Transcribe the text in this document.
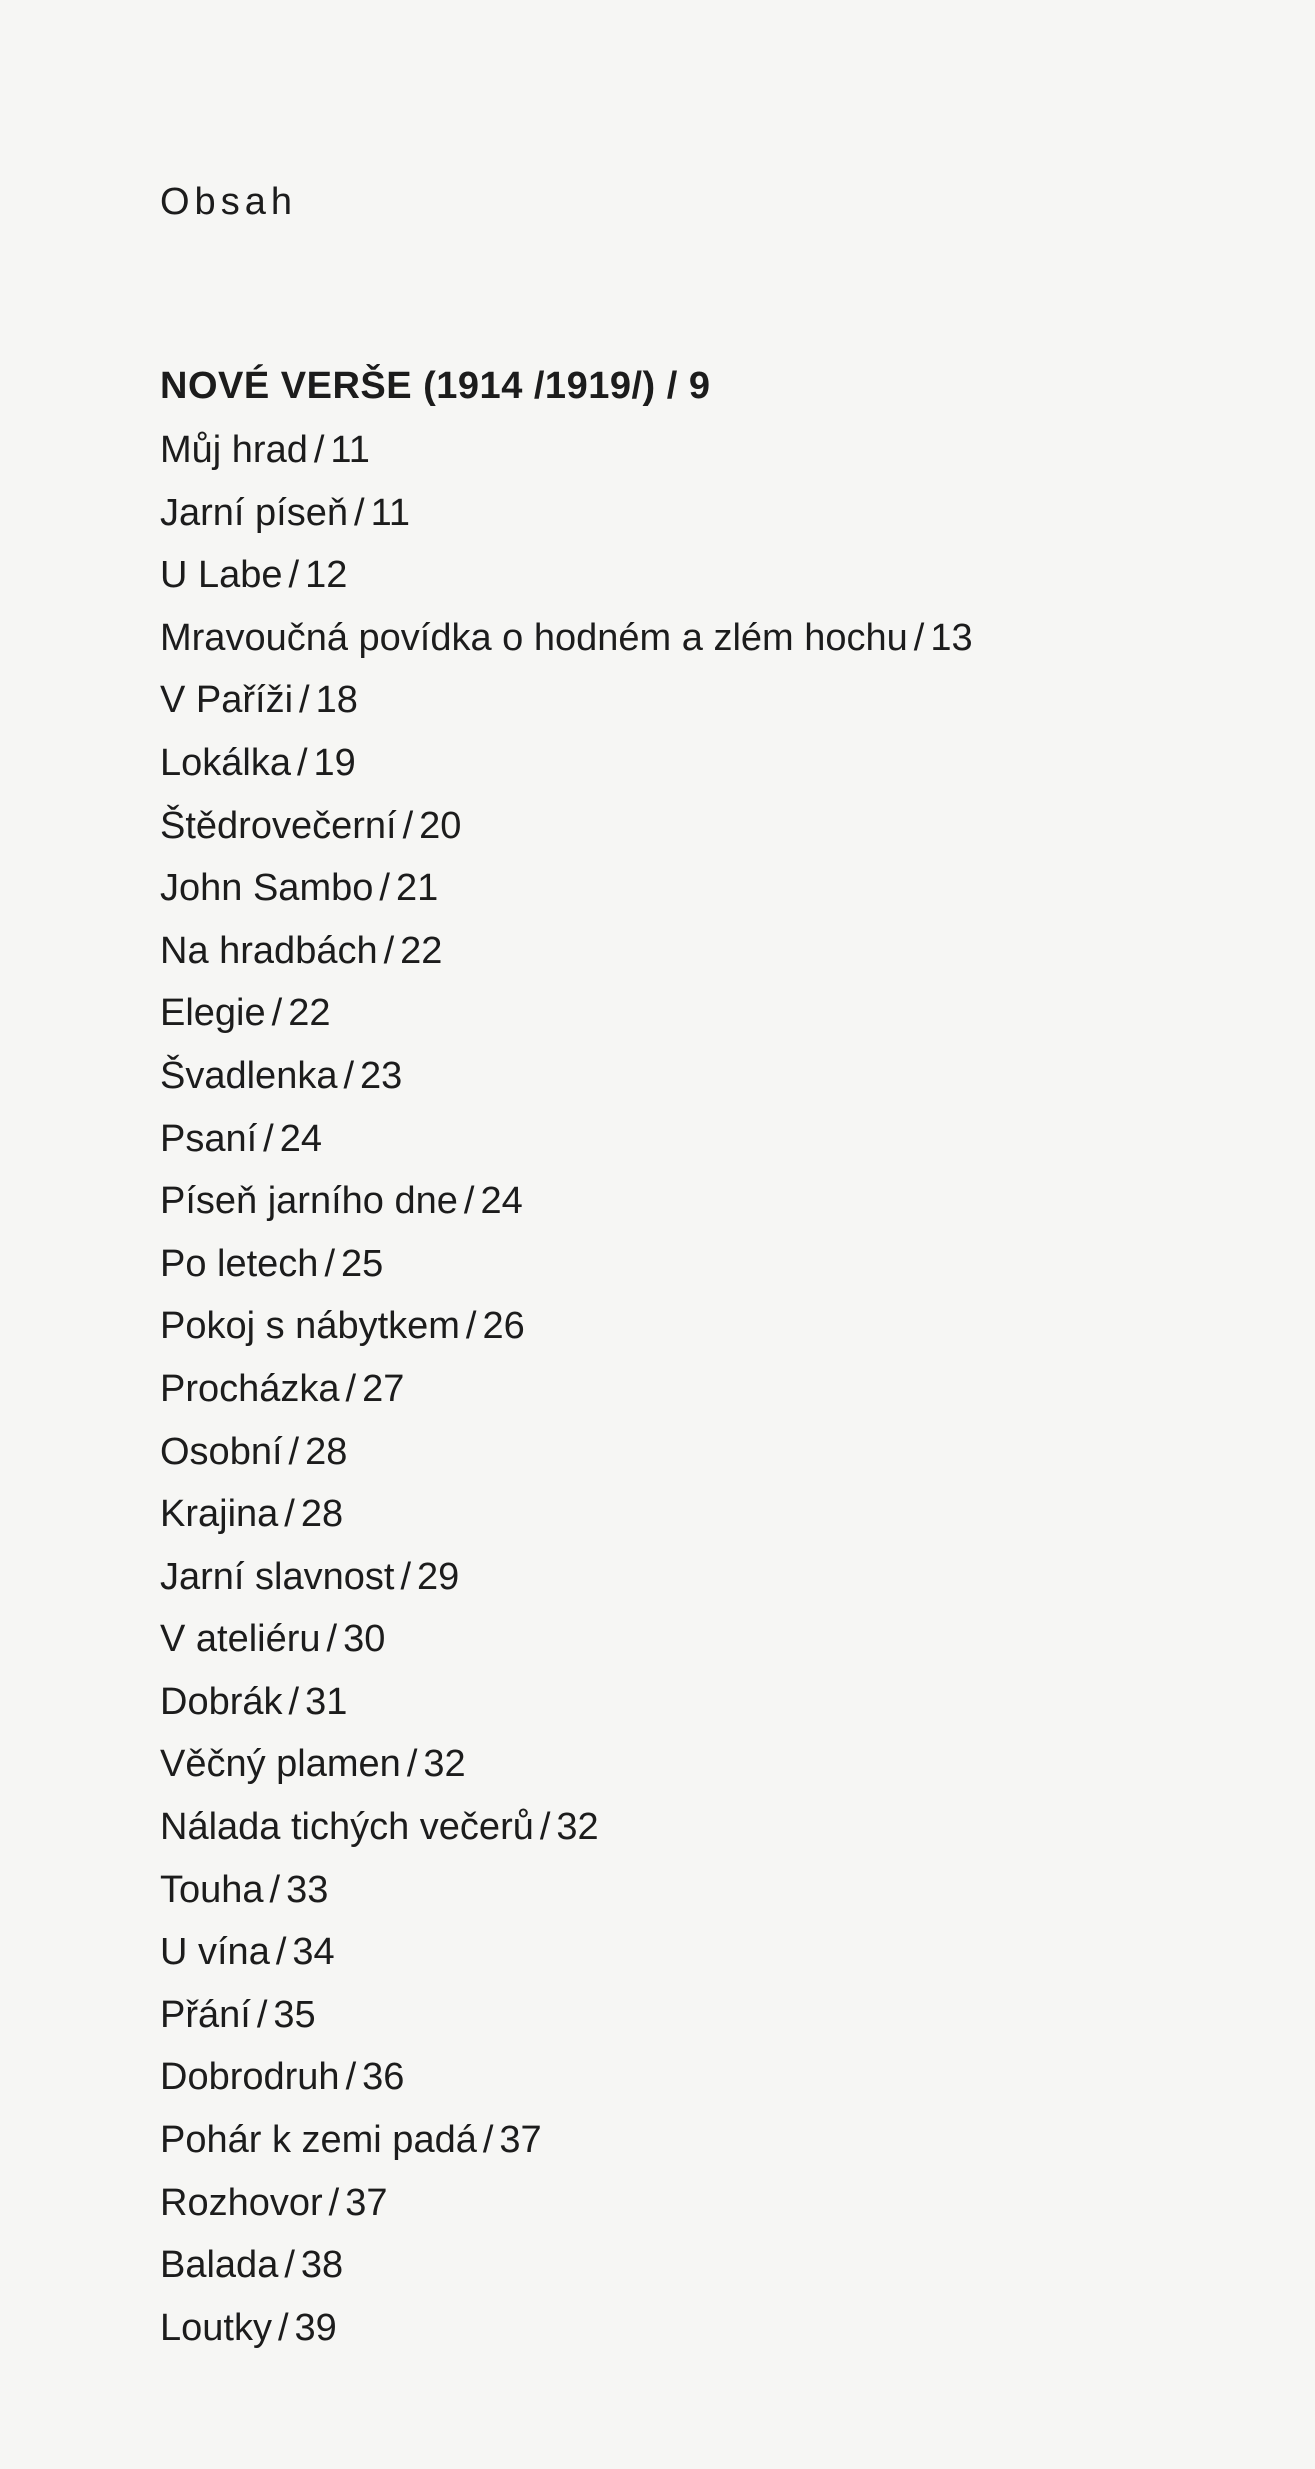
Obsah
NOVÉ VERŠE (1914 /1919/) / 9
Můj hrad / 11
Jarní píseň / 11
U Labe / 12
Mravoučná povídka o hodném a zlém hochu / 13
V Paříži / 18
Lokálka / 19
Štědrovečerní / 20
John Sambo / 21
Na hradbách / 22
Elegie / 22
Švadlenka / 23
Psaní / 24
Píseň jarního dne / 24
Po letech / 25
Pokoj s nábytkem / 26
Procházka / 27
Osobní / 28
Krajina / 28
Jarní slavnost / 29
V ateliéru / 30
Dobrák / 31
Věčný plamen / 32
Nálada tichých večerů / 32
Touha / 33
U vína / 34
Přání / 35
Dobrodruh / 36
Pohár k zemi padá / 37
Rozhovor / 37
Balada / 38
Loutky / 39
